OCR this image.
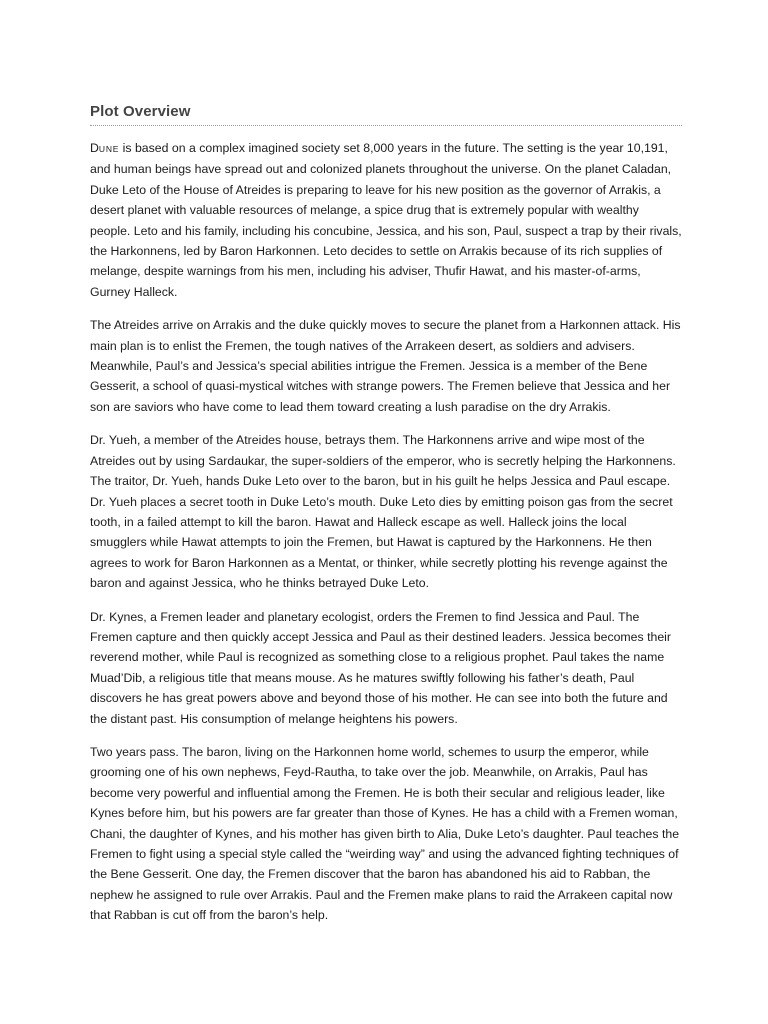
Plot Overview

DUNE is based on a complex imagined society set 8,000 years in the future. The setting is the year 10,191, and human beings have spread out and colonized planets throughout the universe. On the planet Caladan, Duke Leto of the House of Atreides is preparing to leave for his new position as the governor of Arrakis, a desert planet with valuable resources of melange, a spice drug that is extremely popular with wealthy people. Leto and his family, including his concubine, Jessica, and his son, Paul, suspect a trap by their rivals, the Harkonnens, led by Baron Harkonnen. Leto decides to settle on Arrakis because of its rich supplies of melange, despite warnings from his men, including his adviser, Thufir Hawat, and his master-of-arms, Gurney Halleck.

The Atreides arrive on Arrakis and the duke quickly moves to secure the planet from a Harkonnen attack. His main plan is to enlist the Fremen, the tough natives of the Arrakeen desert, as soldiers and advisers. Meanwhile, Paul’s and Jessica’s special abilities intrigue the Fremen. Jessica is a member of the Bene Gesserit, a school of quasi-mystical witches with strange powers. The Fremen believe that Jessica and her son are saviors who have come to lead them toward creating a lush paradise on the dry Arrakis.

Dr. Yueh, a member of the Atreides house, betrays them. The Harkonnens arrive and wipe most of the Atreides out by using Sardaukar, the super-soldiers of the emperor, who is secretly helping the Harkonnens. The traitor, Dr. Yueh, hands Duke Leto over to the baron, but in his guilt he helps Jessica and Paul escape. Dr. Yueh places a secret tooth in Duke Leto’s mouth. Duke Leto dies by emitting poison gas from the secret tooth, in a failed attempt to kill the baron. Hawat and Halleck escape as well. Halleck joins the local smugglers while Hawat attempts to join the Fremen, but Hawat is captured by the Harkonnens. He then agrees to work for Baron Harkonnen as a Mentat, or thinker, while secretly plotting his revenge against the baron and against Jessica, who he thinks betrayed Duke Leto.

Dr. Kynes, a Fremen leader and planetary ecologist, orders the Fremen to find Jessica and Paul. The Fremen capture and then quickly accept Jessica and Paul as their destined leaders. Jessica becomes their reverend mother, while Paul is recognized as something close to a religious prophet. Paul takes the name Muad’Dib, a religious title that means mouse. As he matures swiftly following his father’s death, Paul discovers he has great powers above and beyond those of his mother. He can see into both the future and the distant past. His consumption of melange heightens his powers.

Two years pass. The baron, living on the Harkonnen home world, schemes to usurp the emperor, while grooming one of his own nephews, Feyd-Rautha, to take over the job. Meanwhile, on Arrakis, Paul has become very powerful and influential among the Fremen. He is both their secular and religious leader, like Kynes before him, but his powers are far greater than those of Kynes. He has a child with a Fremen woman, Chani, the daughter of Kynes, and his mother has given birth to Alia, Duke Leto’s daughter. Paul teaches the Fremen to fight using a special style called the “weirding way” and using the advanced fighting techniques of the Bene Gesserit. One day, the Fremen discover that the baron has abandoned his aid to Rabban, the nephew he assigned to rule over Arrakis. Paul and the Fremen make plans to raid the Arrakeen capital now that Rabban is cut off from the baron’s help.
